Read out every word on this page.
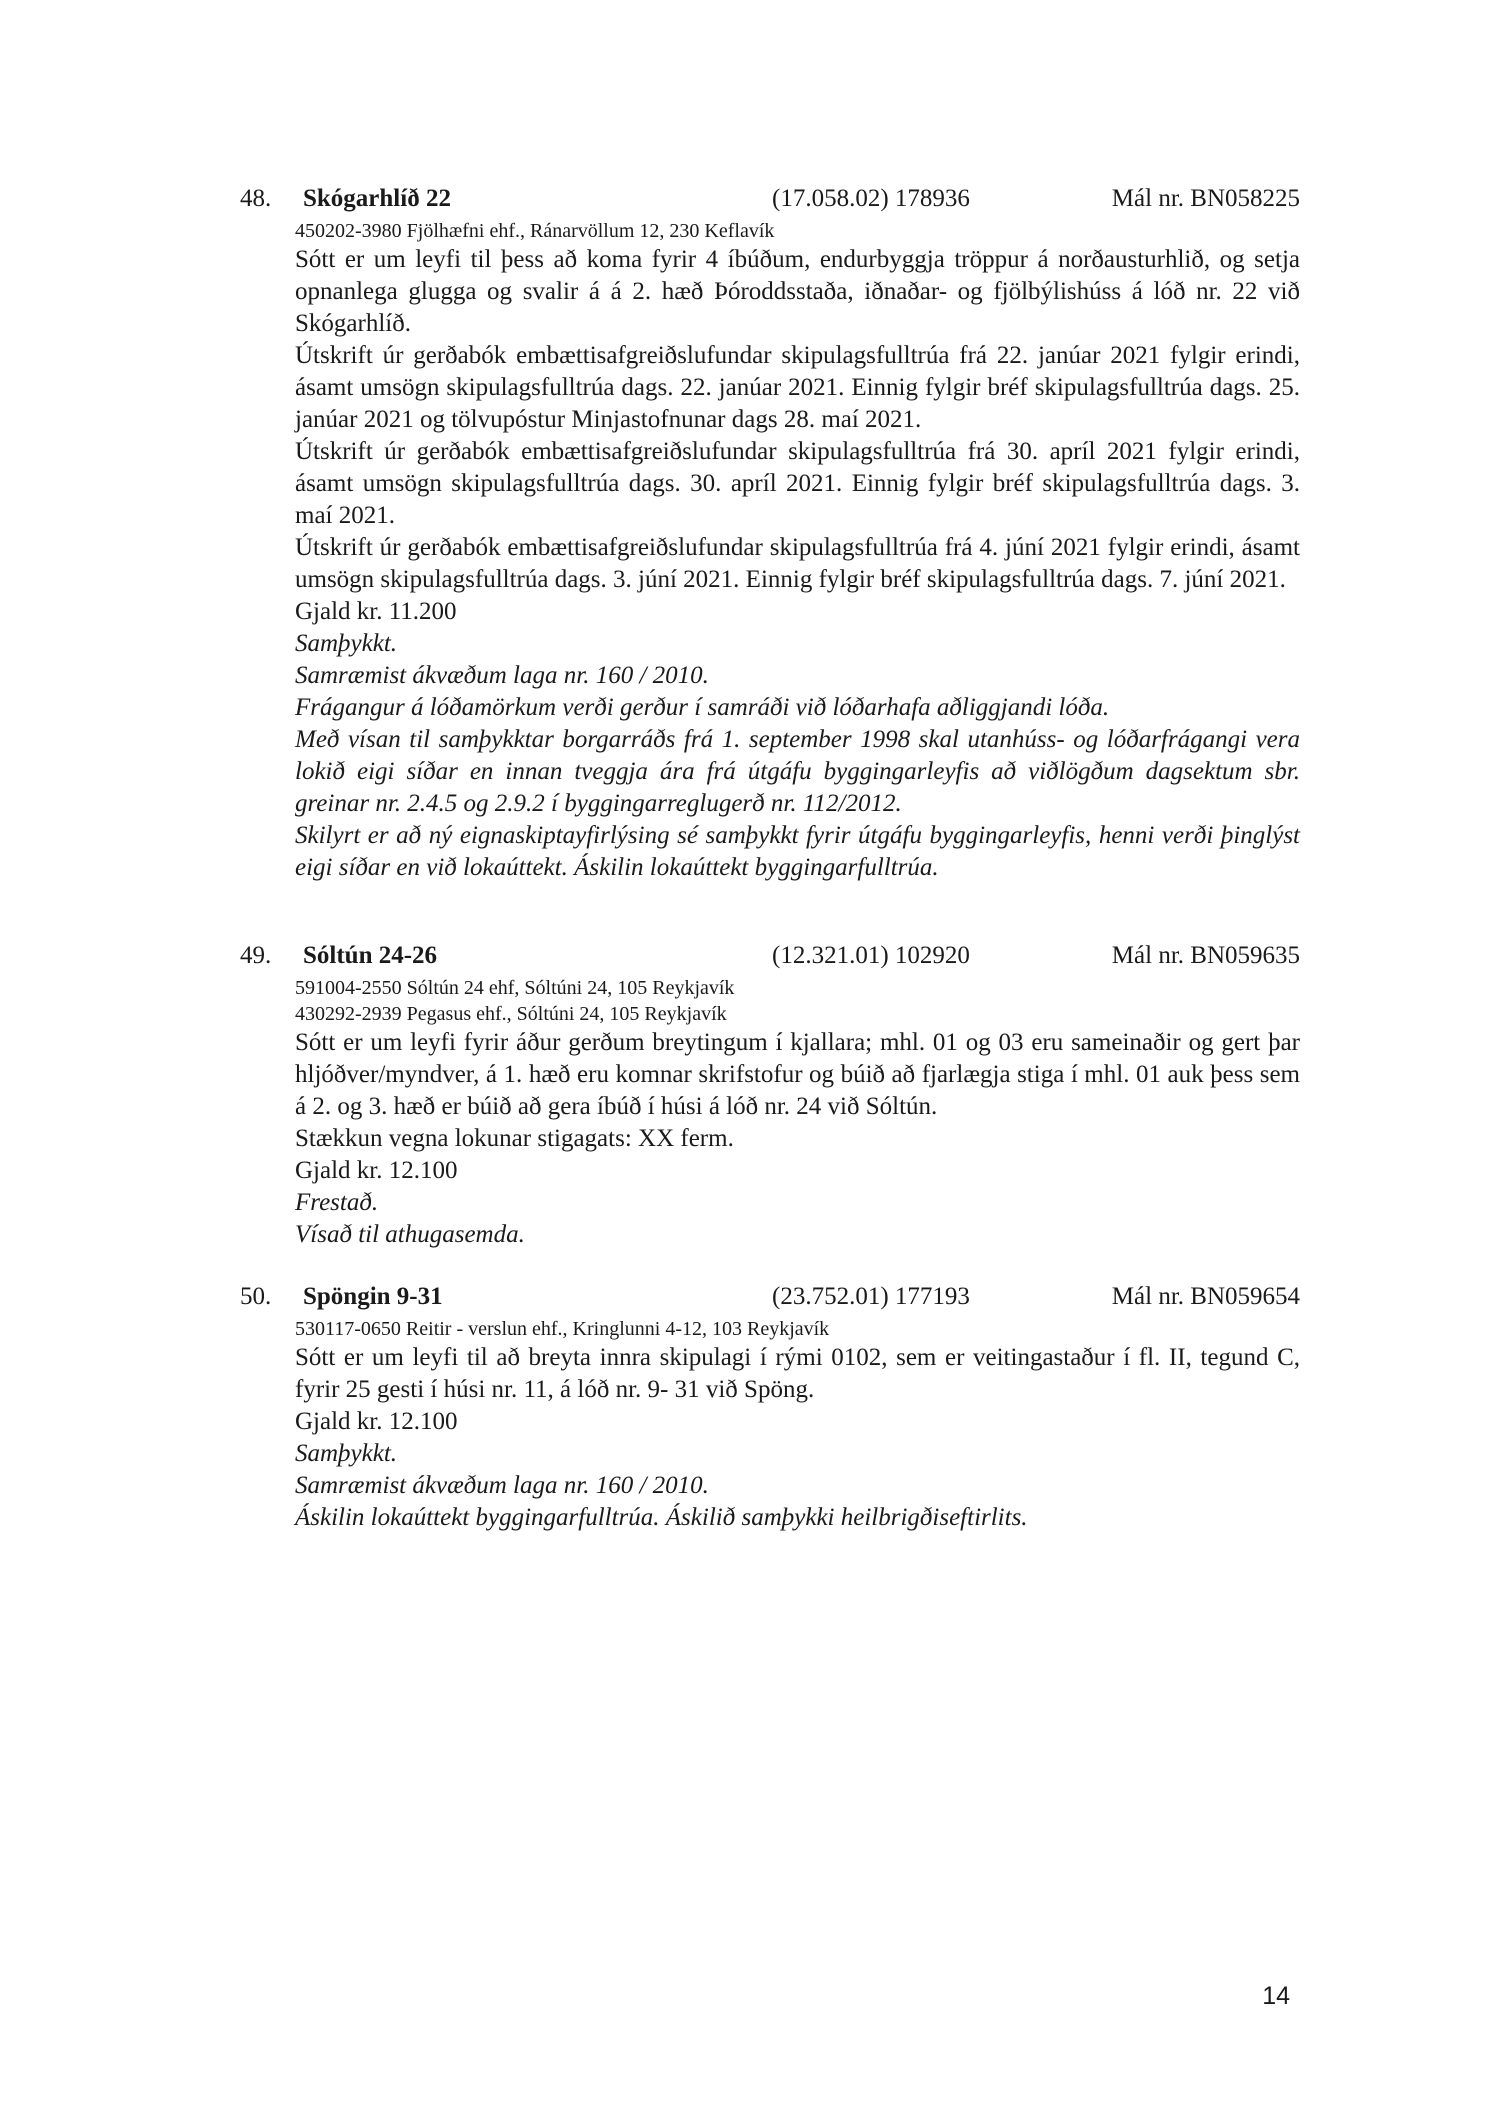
48. Skógarhlíð 22	(17.058.02) 178936	Mál nr. BN058225
450202-3980 Fjölhæfni ehf., Ránarvöllum 12, 230 Keflavík
Sótt er um leyfi til þess að koma fyrir 4 íbúðum, endurbyggja tröppur á norðausturhlið, og setja opnanlega glugga og svalir á á 2. hæð Þóroddsstaða, iðnaðar- og fjölbýlishúss á lóð nr. 22 við Skógarhlíð.
Útskrift úr gerðabók embættisafgreiðslufundar skipulagsfulltrúa frá 22. janúar 2021 fylgir erindi, ásamt umsögn skipulagsfulltrúa dags. 22. janúar 2021. Einnig fylgir bréf skipulagsfulltrúa dags. 25. janúar 2021 og tölvupóstur Minjastofnunar dags 28. maí 2021.
Útskrift úr gerðabók embættisafgreiðslufundar skipulagsfulltrúa frá 30. apríl 2021 fylgir erindi, ásamt umsögn skipulagsfulltrúa dags. 30. apríl 2021. Einnig fylgir bréf skipulagsfulltrúa dags. 3. maí 2021.
Útskrift úr gerðabók embættisafgreiðslufundar skipulagsfulltrúa frá 4. júní 2021 fylgir erindi, ásamt umsögn skipulagsfulltrúa dags. 3. júní 2021. Einnig fylgir bréf skipulagsfulltrúa dags. 7. júní 2021.
Gjald kr. 11.200
Samþykkt.
Samræmist ákvæðum laga nr. 160 / 2010.
Frágangur á lóðamörkum verði gerður í samráði við lóðarhafa aðliggjandi lóða.
Með vísan til samþykktar borgarráðs frá 1. september 1998 skal utanhúss- og lóðarfrágangi vera lokið eigi síðar en innan tveggja ára frá útgáfu byggingarleyfis að viðlögðum dagsektum sbr. greinar nr. 2.4.5 og 2.9.2 í byggingarreglugerð nr. 112/2012.
Skilyrt er að ný eignaskiptayfirlýsing sé samþykkt fyrir útgáfu byggingarleyfis, henni verði þinglýst eigi síðar en við lokaúttekt. Áskilin lokaúttekt byggingarfulltrúa.
49. Sóltún 24-26	(12.321.01) 102920	Mál nr. BN059635
591004-2550 Sóltún 24 ehf, Sóltúni 24, 105 Reykjavík
430292-2939 Pegasus ehf., Sóltúni 24, 105 Reykjavík
Sótt er um leyfi fyrir áður gerðum breytingum í kjallara; mhl. 01 og 03 eru sameinaðir og gert þar hljóðver/myndver, á 1. hæð eru komnar skrifstofur og búið að fjarlægja stiga í mhl. 01 auk þess sem á 2. og 3. hæð er búið að gera íbúð í húsi á lóð nr. 24 við Sóltún.
Stækkun vegna lokunar stigagats: XX ferm.
Gjald kr. 12.100
Frestað.
Vísað til athugasemda.
50. Spöngin 9-31	(23.752.01) 177193	Mál nr. BN059654
530117-0650 Reitir - verslun ehf., Kringlunni 4-12, 103 Reykjavík
Sótt er um leyfi til að breyta innra skipulagi í rými 0102, sem er veitingastaður í fl. II, tegund C, fyrir 25 gesti í húsi nr. 11, á lóð nr. 9- 31 við Spöng.
Gjald kr. 12.100
Samþykkt.
Samræmist ákvæðum laga nr. 160 / 2010.
Áskilin lokaúttekt byggingarfulltrúa. Áskilið samþykki heilbrigðiseftirlits.
14
